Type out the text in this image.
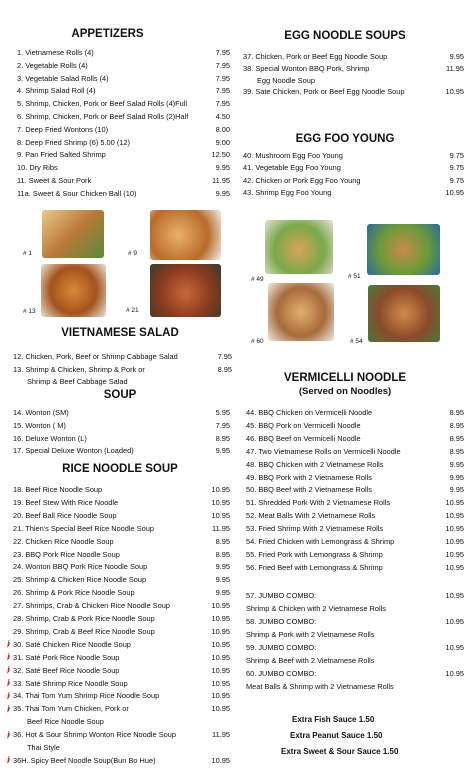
APPETIZERS
# 1	# 9
# 13	# 21
VIETNAMESE SALAD
SOUP
RICE NOODLE SOUP
EGG NOODLE SOUPS
EGG FOO YOUNG
# 49	# 51
# 60	# 54
VERMICELLI NOODLE
(Served on Noodles)
1. Vietnamese Rolls (4)	7.95
2. Vegetable Rolls (4)	7.95
3. Vegetable Salad Rolls (4)	7.95
4. Shrimp Salad Roll (4)	7.95
5. Shrimp, Chicken, Pork or Beef Salad Rolls (4)Full	7.95
6. Shrimp, Chicken, Pork or Beef Salad Rolls (2)Half	4.50
7. Deep Fried Wontons (10)	8.00
8. Deep Fried Shrimp (6) 5.00 (12)	9.00
9. Pan Fried Salted Shrimp	12.50
10. Dry Ribs	9.95
11. Sweet & Sour Pork	11.95
11a. Sweet & Sour Chicken Ball (10)	9.95
12. Chicken, Pork, Beef or Shrimp Cabbage Salad	7.95
13. Shrimp & Chicken, Shrimp & Pork or	8.95
Shrimp & Beef Cabbage Salad
14. Wonton (SM)	5.95
15. Wonton ( M)	7.95
16. Deluxe Wonton (L)	8.95
17. Special Deluxe Wonton (Loaded)	9.95
18. Beef Rice Noodle Soup	10.95
19. Beef Stew With Rice Noodle	10.95
20. Beef Ball Rice Noodle Soup	10.95
21. Thien's Special Beef Rice Noodle Soup	11.95
22. Chicken Rice Noodle Soup	8.95
23. BBQ Pork Rice Noodle Soup	8.95
24. Wonton BBQ Pork Rice Noodle Soup	9.95
25. Shrimp & Chicken Rice Noodle Soup	9.95
26. Shrimp & Pork Rice Noodle Soup	9.95
27. Shrimps, Crab & Chicken Rice Noodle Soup	10.95
28. Shrimp, Crab & Pork Rice Noodle Soup	10.95
29. Shrimp, Crab & Beef Rice Noodle Soup	10.95
30. Saté Chicken Rice Noodle Soup	10.95
31. Saté Pork Rice Noodle Soup	10.95
32. Saté Beef Rice Noodle Soup	10.95
33. Saté Shrimp Rice Noodle Soup	10.95
34. Thai Tom Yum Shrimp Rice Noodle Soup	10.95
35. Thai Tom Yum Chicken, Pork or	10.95
Beef Rice Noodle Soup
36. Hot & Sour Shrimp Wonton Rice Noodle Soup	11.95
Thai Style
36H. Spicy Beef Noodle Soup(Bun Bo Hue)	10.95
37. Chicken, Pork or Beef Egg Noodle Soup	9.95
38. Special Wonton BBQ Pork, Shrimp	11.95
Egg Noodle Soup
39. Sate Chicken, Pork or Beef Egg Noodle Soup	10.95
40. Mushroom Egg Foo Young	9.75
41. Vegetable Egg Foo Young	9.75
42. Chicken or Pork Egg Foo Young	9.75
43. Shrimp Egg Foo Young	10.95
44. BBQ Chicken on Vermicelli Noodle	8.95
45. BBQ Pork on Vermicelli Noodle	8.95
46. BBQ Beef on Vermicelli Noodle	8.95
47. Two Vietnamese Rolls on Vermicelli Noodle	8.95
48. BBQ Chicken with 2 Vietnamese Rolls	9.95
49. BBQ Pork with 2 Vietnamese Rolls	9.95
50. BBQ Beef with 2 Vietnamese Rolls	9.95
51. Shredded Pork With 2 Vietnamese Rolls	10.95
52. Meat Balls With 2 Vietnamese Rolls	10.95
53. Fried Shrimp With 2 Vietnamese Rolls	10.95
54. Fried Chicken with Lemongrass & Shrimp	10.95
55. Fried Pork with Lemongrass & Shrimp	10.95
56. Fried Beef with Lemongrass & Shrimp	10.95
57. JUMBO COMBO:
Shrimp & Chicken with 2 Vietnamese Rolls
10.95
58. JUMBO COMBO:
Shrimp & Pork with 2 Vietnamese Rolls
10.95
59. JUMBO COMBO:
Shrimp & Beef with 2 Vietnamese Rolls
10.95
60. JUMBO COMBO:
Meat Balls & Shrimp with 2 Vietnamese Rolls
10.95
Extra Fish Sauce 1.50
Extra Peanut Sauce 1.50
Extra Sweet & Sour Sauce 1.50
